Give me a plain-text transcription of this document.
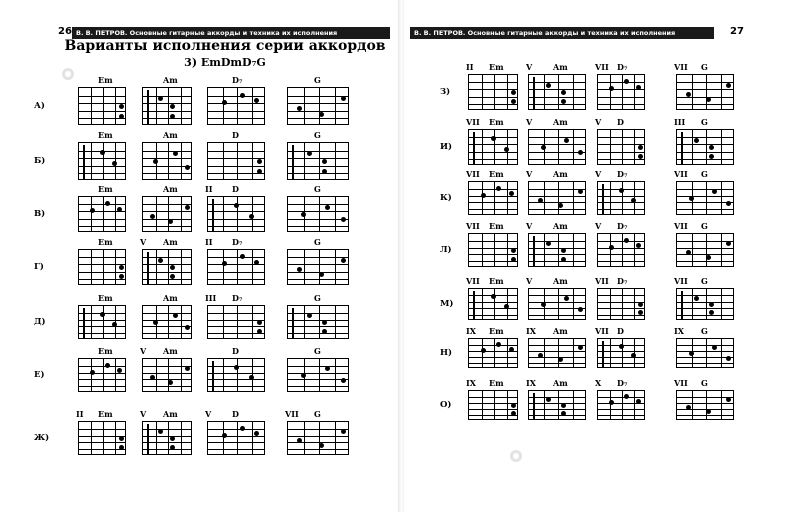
26 В. В. ПЕТРОВ. Основные гитарные аккорды и техника их исполнения
Варианты исполнения серии аккордов
3) EmDmD₇G
В. В. ПЕТРОВ. Основные гитарные аккорды и техника их исполнения	27
А)
Em	Am	D₇	G
Б)
Em	Am	D	G
В)
Em	Am	II D	G
Г)
Em	V Am	II D₇	G
Д)
Em	Am	III D₇	G
Е)
Em	V Am	D	G
Ж)
II Em	V Am	V	D	VII G
З)
II Em	V	Am	VII D₇	VII G
И)
VII Em	V	Am	V D	III G
К)
VII Em	V	Am	V D₇	VII G
Л)
VII Em	V	Am	V D₇	VII G
М)
VII Em	V	Am	VII D₇	VII G
Н)
IX Em	IX Am	VII D	IX G
О)
IX Em	IX Am	X D₇	VII G
